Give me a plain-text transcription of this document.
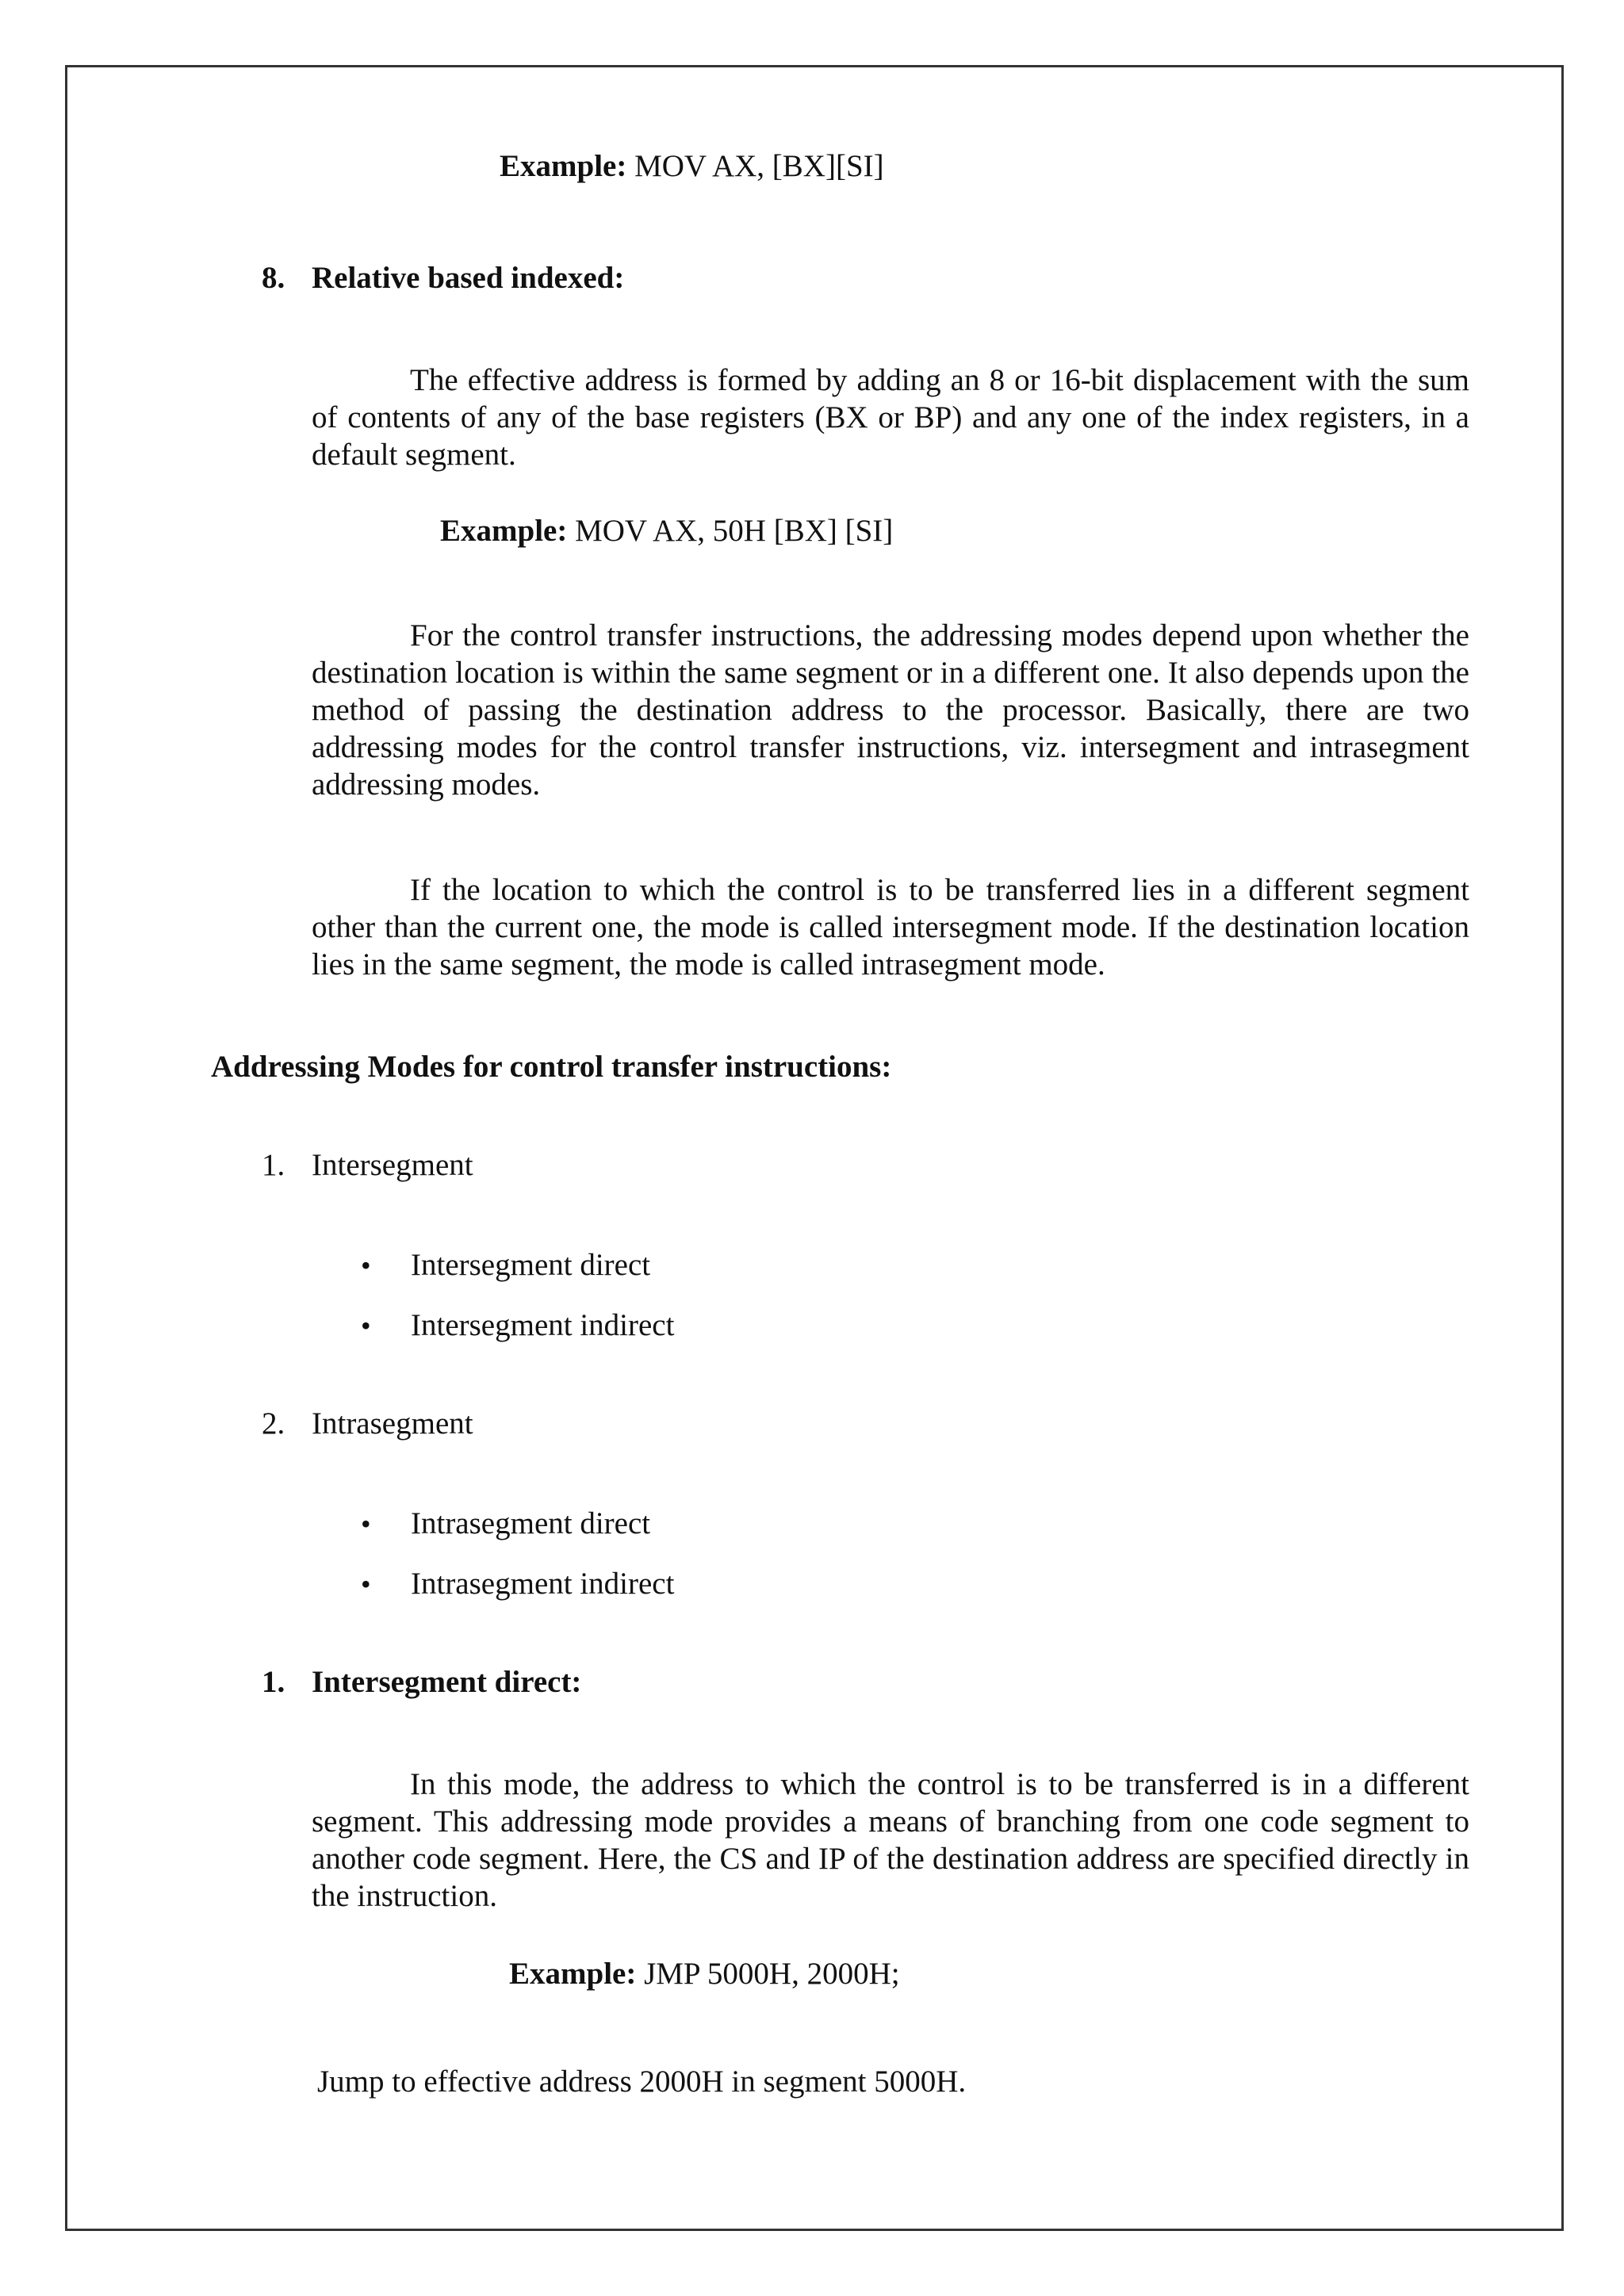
Example: MOV AX, [BX][SI]
8. Relative based indexed:
The effective address is formed by adding an 8 or 16-bit displacement with the sum of contents of any of the base registers (BX or BP) and any one of the index registers, in a default segment.
Example: MOV AX, 50H [BX] [SI]
For the control transfer instructions, the addressing modes depend upon whether the destination location is within the same segment or in a different one. It also depends upon the method of passing the destination address to the processor. Basically, there are two addressing modes for the control transfer instructions, viz. intersegment and intrasegment addressing modes.
If the location to which the control is to be transferred lies in a different segment other than the current one, the mode is called intersegment mode. If the destination location lies in the same segment, the mode is called intrasegment mode.
Addressing Modes for control transfer instructions:
1. Intersegment
• Intersegment direct
• Intersegment indirect
2. Intrasegment
• Intrasegment direct
• Intrasegment indirect
1. Intersegment direct:
In this mode, the address to which the control is to be transferred is in a different segment. This addressing mode provides a means of branching from one code segment to another code segment. Here, the CS and IP of the destination address are specified directly in the instruction.
Example: JMP 5000H, 2000H;
Jump to effective address 2000H in segment 5000H.
